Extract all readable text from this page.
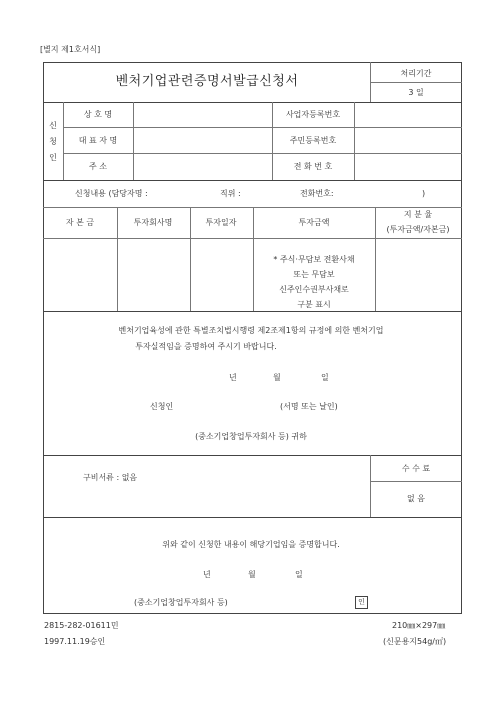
[별지 제1호서식]
벤처기업관련증명서발급신청서
처리기간
3 일
신
청
인
상 호 명	사업자등록번호
대 표 자 명	주민등록번호
주 소	전 화 번 호
신청내용 (담당자명 :	직위 :	전화번호:	)
자 본 금	투자회사명	투자일자	투자금액
지 분 율
(투자금액/자본금)
* 주식·무담보 전환사채
또는 무담보
신주인수권부사채로
구분 표시
벤처기업육성에 관한 특별조치법시행령 제2조제1항의 규정에 의한 벤처기업
투자실적임을 증명하여 주시기 바랍니다.
년	월	일
신청인	(서명 또는 날인)
(중소기업창업투자회사 등) 귀하
구비서류 : 없음
수 수 료
없 음
위와 같이 신청한 내용이 해당기업임을 증명합니다.
년	월	일
(중소기업창업투자회사 등)	인
2815-282-01611민
1997.11.19승인
210㎜×297㎜
(신문용지54g/㎡)
